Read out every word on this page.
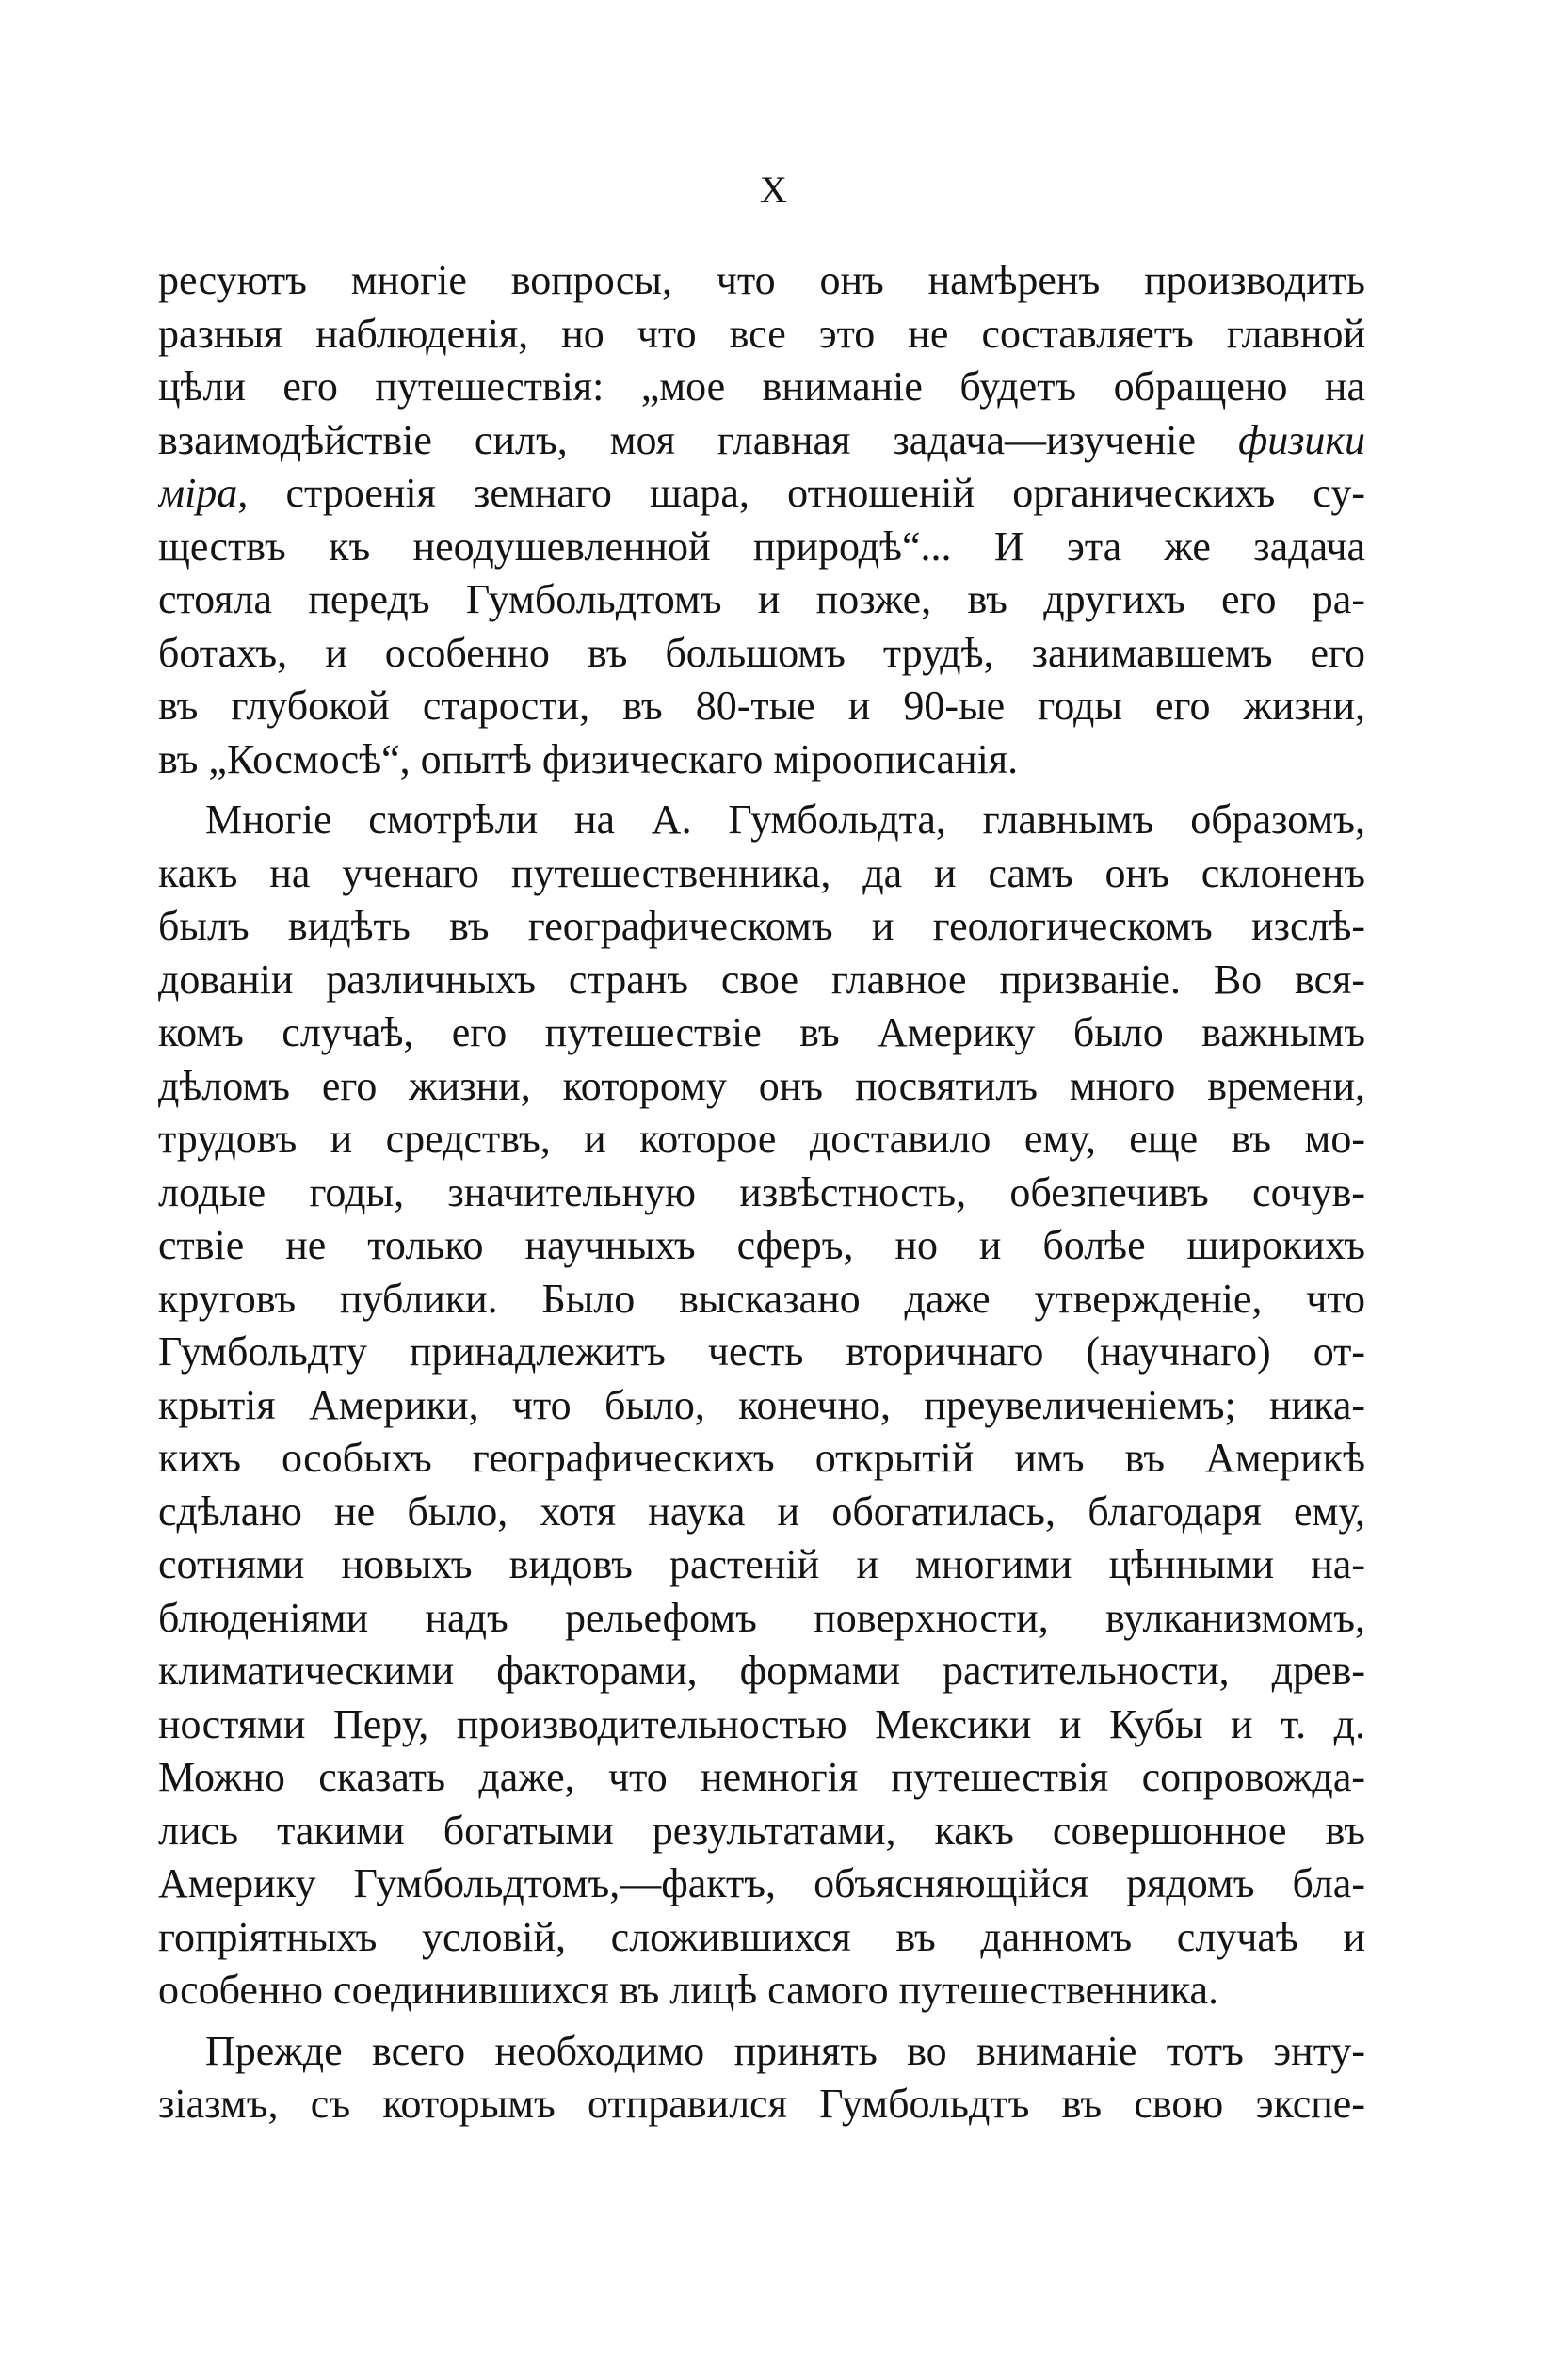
X
ресуютъ многіе вопросы, что онъ намѣренъ производить
разныя наблюденія, но что все это не составляетъ главной
цѣли его путешествія: „мое вниманіе будетъ обращено на
взаимодѣйствіе силъ, моя главная задача—изученіе физики
міра, строенія земнаго шара, отношеній органическихъ су-
ществъ къ неодушевленной природѣ“... И эта же задача
стояла передъ Гумбольдтомъ и позже, въ другихъ его ра-
ботахъ, и особенно въ большомъ трудѣ, занимавшемъ его
въ глубокой старости, въ 80-тые и 90-ые годы его жизни,
въ „Космосѣ“, опытѣ физическаго міроописанія.
Многіе смотрѣли на А. Гумбольдта, главнымъ образомъ,
какъ на ученаго путешественника, да и самъ онъ склоненъ
былъ видѣть въ географическомъ и геологическомъ изслѣ-
дованіи различныхъ странъ свое главное призваніе. Во вся-
комъ случаѣ, его путешествіе въ Америку было важнымъ
дѣломъ его жизни, которому онъ посвятилъ много времени,
трудовъ и средствъ, и которое доставило ему, еще въ мо-
лодые годы, значительную извѣстность, обезпечивъ сочув-
ствіе не только научныхъ сферъ, но и болѣе широкихъ
круговъ публики. Было высказано даже утвержденіе, что
Гумбольдту принадлежитъ честь вторичнаго (научнаго) от-
крытія Америки, что было, конечно, преувеличеніемъ; ника-
кихъ особыхъ географическихъ открытій имъ въ Америкѣ
сдѣлано не было, хотя наука и обогатилась, благодаря ему,
сотнями новыхъ видовъ растеній и многими цѣнными на-
блюденіями надъ рельефомъ поверхности, вулканизмомъ,
климатическими факторами, формами растительности, древ-
ностями Перу, производительностью Мексики и Кубы и т. д.
Можно сказать даже, что немногія путешествія сопровожда-
лись такими богатыми результатами, какъ совершонное въ
Америку Гумбольдтомъ,—фактъ, объясняющійся рядомъ бла-
гопріятныхъ условій, сложившихся въ данномъ случаѣ и
особенно соединившихся въ лицѣ самого путешественника.
Прежде всего необходимо принять во вниманіе тотъ энту-
зіазмъ, съ которымъ отправился Гумбольдтъ въ свою экспе-
